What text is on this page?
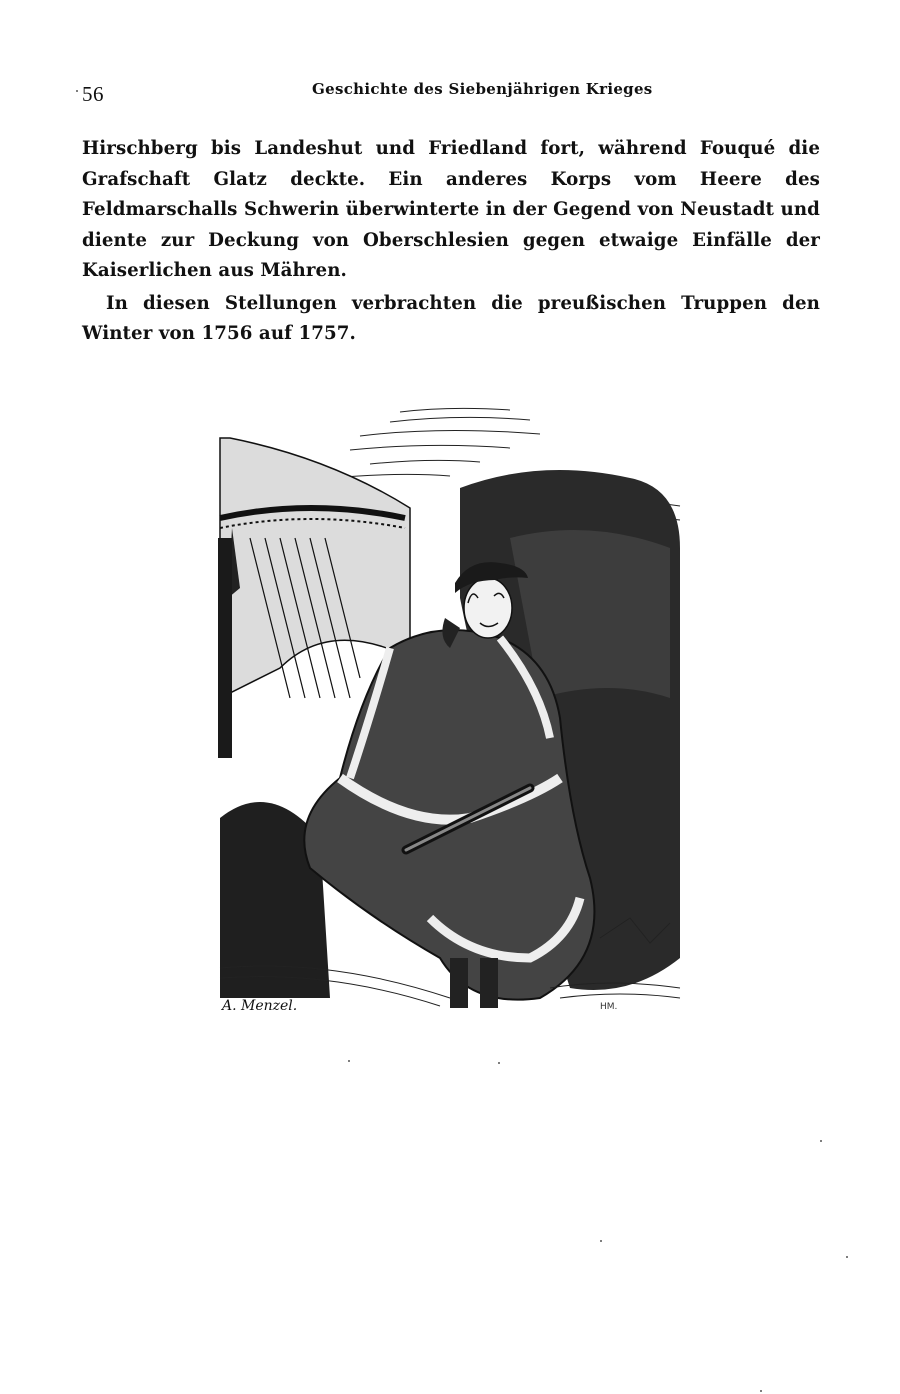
56	Geschichte des Siebenjährigen Krieges

Hirschberg bis Landeshut und Friedland fort, während Fouqué die Grafschaft Glatz deckte. Ein anderes Korps vom Heere des Feldmarschalls Schwerin überwinterte in der Gegend von Neustadt und diente zur Deckung von Oberschlesien gegen etwaige Einfälle der Kaiserlichen aus Mähren.

In diesen Stellungen verbrachten die preußischen Truppen den Winter von 1756 auf 1757.

A. Menzel.	HM.
